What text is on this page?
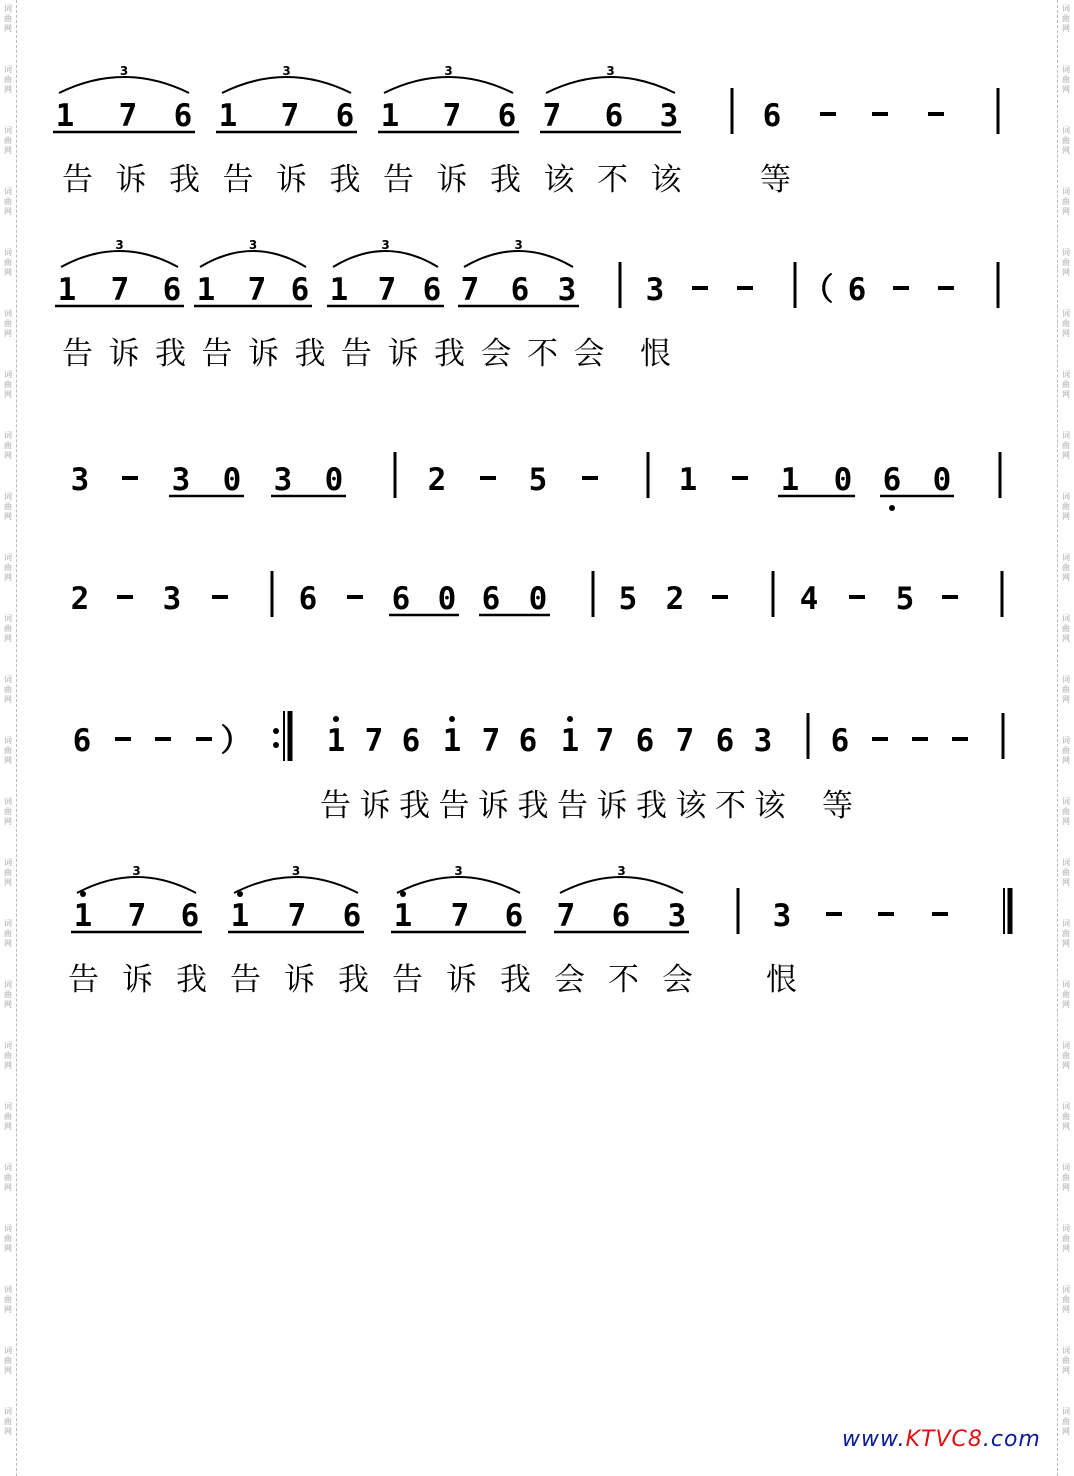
词
曲
网
词
曲
网
词
曲
网
词
曲
网
词
曲
网
词
曲
网
词
曲
网
词
曲
网
词
曲
网
词
曲
网
词
曲
网
词
曲
网
词
曲
网
词
曲
网
词
曲
网
词
曲
网
词
曲
网
词
曲
网
词
曲
网
词
曲
网
词
曲
网
词
曲
网
词
曲
网
词
曲
网
词
曲
网
词
曲
网
词
曲
网
词
曲
网
词
曲
网
词
曲
网
词
曲
网
词
曲
网
词
曲
网
词
曲
网
词
曲
网
词
曲
网
词
曲
网
词
曲
网
词
曲
网
词
曲
网
词
曲
网
词
曲
网
词
曲
网
词
曲
网
词
曲
网
词
曲
网
词
曲
网
词
曲
网
1 7 6
3
1 7 6
3
1 7 6
3
7 6 3
3
6
告 诉 我 告 诉 我 告 诉 我 该 不 该	等
1 7 6
3
1 7 6
3
1 7 6
3
7 6 3
3
3	（ 6
告 诉 我 告 诉 我 告 诉 我 会 不 会 恨
3	3 0 3 0	2	5	1	1 0 6 0
2 3	6 6 0 6 0 5 2	4 5
6	） 1 7 6 1 7 6 1 7 6 7 6 3 6
告 诉 我 告 诉 我 告 诉 我 该 不 该 等
1 7 6
3
1 7 6
3
1 7 6
3
7 6 3
3
3
告 诉 我 告 诉 我 告 诉 我 会 不 会 恨
www.KTVC8.com
